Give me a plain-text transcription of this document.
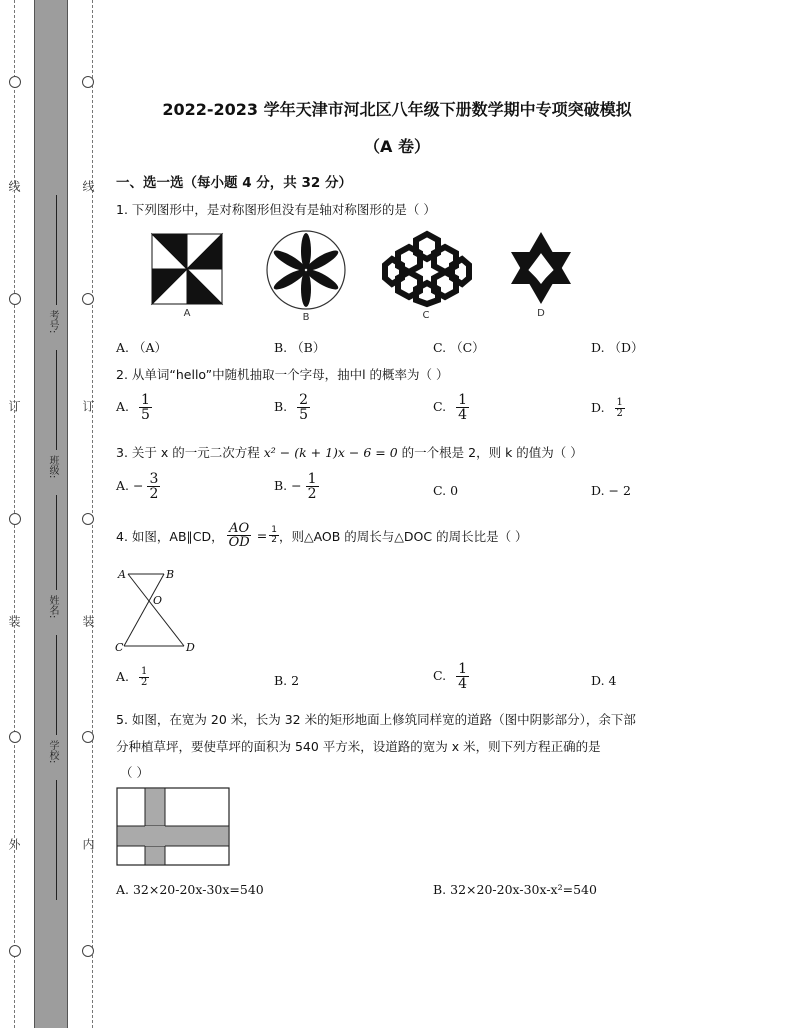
线
订
装
外
线
订
装
内
考号:
班级:
姓名:
学校:
2022-2023 学年天津市河北区八年级下册数学期中专项突破模拟
（A 卷）
一、选一选（每小题 4 分，共 32 分）
1. 下列图形中，是对称图形但没有是轴对称图形的是（ ）
A	B	C	D
A. （A）	B. （B）	C. （C）	D. （D）
2. 从单词“hello”中随机抽取一个字母，抽中l 的概率为（ ）
A. $\frac{1}{5}$	B. $\frac{2}{5}$	C. $\frac{1}{4}$	D. $\frac{1}{2}$
3. 关于 x 的一元二次方程 x² − (k + 1)x − 6 = 0 的一个根是 2，则 k 的值为（ ）
A. − $\frac{3}{2}$	B. − $\frac{1}{2}$	C. 0	D. − 2
4. 如图，AB∥CD， $\frac{AO}{OD} = \frac{1}{2}$ ，则△AOB 的周长与△DOC 的周长比是（ ）
A	B
O
C	D
A. $\frac{1}{2}$	B. 2	C. $\frac{1}{4}$	D. 4
5. 如图，在宽为 20 米，长为 32 米的矩形地面上修筑同样宽的道路（图中阴影部分），余下部
分种植草坪，要使草坪的面积为 540 平方米，设道路的宽为 x 米，则下列方程正确的是
（ ）
A. 32×20-20x-30x=540	B. 32×20-20x-30x-x²=540
